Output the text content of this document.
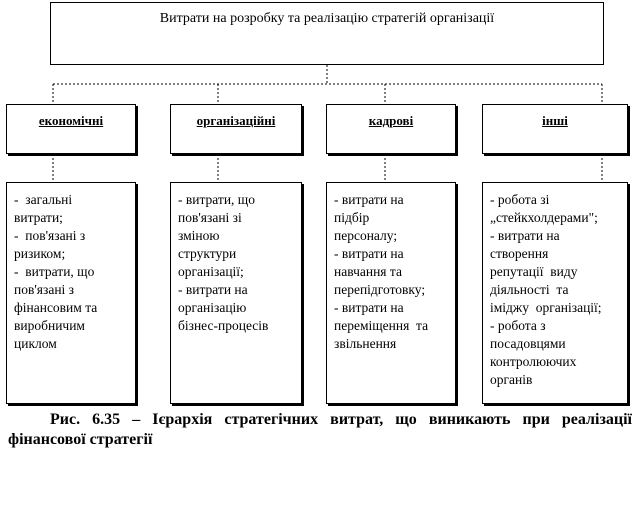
Витрати на розробку та реалізацію стратегій організації
економічні	організаційні	кадрові	інші
-  загальні
витрати;
-  пов'язані з
ризиком;
-  витрати, що
пов'язані з
фінансовим та
виробничим
циклом
- витрати, що
пов'язані зі
зміною
структури
організації;
- витрати на
організацію
бізнес-процесів
- витрати на
підбір
персоналу;
- витрати на
навчання та
перепідготовку;
- витрати на
переміщення  та
звільнення
- робота зі
„стейкхолдерами";
- витрати на
створення
репутації  виду
діяльності  та
іміджу  організації;
- робота з
посадовцями
контролюючих
органів
Рис. 6.35 – Ієрархія стратегічних витрат, що виникають при реалізації фінансової стратегії
